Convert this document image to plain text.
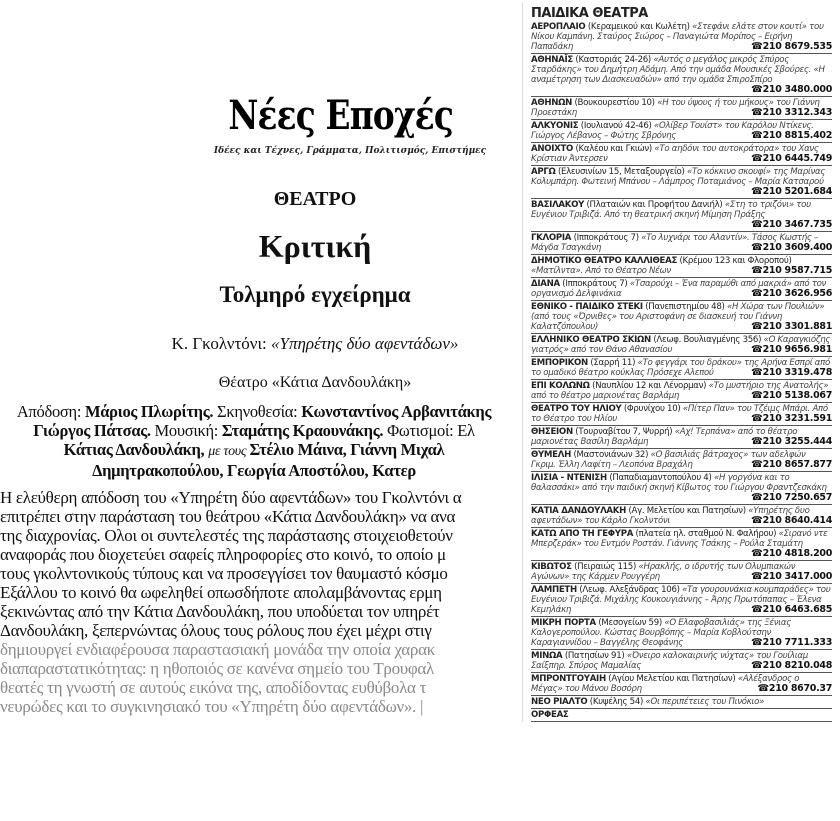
Νέες Εποχές
Ιδέες και Τέχνες, Γράμματα, Πολιτισμός, Επιστήμες
ΘΕΑΤΡΟ
Κριτική
Τολμηρό εγχείρημα
Κ. Γκολντόνι: «Υπηρέτης δύο αφεντάδων»
Θέατρο «Κάτια Δανδουλάκη»
Απόδοση: Μάριος Πλωρίτης. Σκηνοθεσία: Κωνσταντίνος Αρβανιτάκης
Γιώργος Πάτσας. Μουσική: Σταμάτης Κραουνάκης. Φωτισμοί: Ελ
Κάτιας Δανδουλάκη, με τους Στέλιο Μάινα, Γιάννη Μιχαλ
Δημητρακοπούλου, Γεωργία Αποστόλου, Κατερ
Η ελεύθερη απόδοση του «Υπηρέτη δύο αφεντάδων» του Γκολντόνι α
επιτρέπει στην παράσταση του θεάτρου «Κάτια Δανδουλάκη» να ανα
της διαχρονίας. Ολοι οι συντελεστές της παράστασης στοιχειοθετούν
αναφοράς που διοχετεύει σαφείς πληροφορίες στο κοινό, το οποίο μ
τους γκολντονικούς τύπους και να προσεγγίσει τον θαυμαστό κόσμο
Εξάλλου το κοινό θα ωφεληθεί οπωσδήποτε απολαμβάνοντας ερμη
ξεκινώντας από την Κάτια Δανδουλάκη, που υποδύεται τον υπηρέτ
Δανδουλάκη, ξεπερνώντας όλους τους ρόλους που έχει μέχρι στιγ
δημιουργεί ενδιαφέρουσα παραστασιακή μονάδα την οποία χαρακ
διαπαραστατικότητας: η ηθοποιός σε κανένα σημείο του Τρουφαλ
θεατές τη γνωστή σε αυτούς εικόνα της, αποδίδοντας ευθύβολα τ
νευρώδες και το συγκινησιακό του «Υπηρέτη δύο αφεντάδων». |
ΠΑΙΔΙΚΑ ΘΕΑΤΡΑ
ΑΕΡΟΠΛΑΙΟ (Κεραμεικού και Κωλέτη) «Στεφάνι ελάτε στον κουτί» του Νίκου Καμπάνη. Σταύρος Σιώρος – Παναγιώτα Μορίπος – Ειρήνη Παπαδάκη	☎210 8679.535
ΑΘΗΝΑΪΣ (Καστοριάς 24-26) «Αυτός ο μεγάλος μικρός Σπύρος Σταρδάκης» του Δημήτρη Αδάμη. Από την ομάδα Μουσικές Σβούρες. «Η αναμέτρηση των Διασκευαδών» από την ομάδα ΣπιροΣπίρο
☎210 3480.000
ΑΘΗΝΩΝ (Βουκουρεστίου 10) «Η του ύψους ή του μήκους» του Γιάννη Προεστάκη	☎210 3312.343
ΑΛΚΥΟΝΙΣ (Ιουλιανού 42-46) «Ολίβερ Τουίστ» του Καρόλου Ντίκενς. Γιώργος Λέβανος – Φώτης Σβρόνης	☎210 8815.402
ΑΝΟΙΧΤΟ (Καλέου και Γκιών) «Το αηδόνι του αυτοκράτορα» του Χανς Κρίστιαν Άντερσεν	☎210 6445.749
ΑΡΓΩ (Ελευσινίων 15, Μεταξουργείο) «Το κόκκινο σκουφί» της Μαρίνας Κολυμπάρη. Φωτεινή Μπάνου – Λάμπρος Ποταμιάνος – Μαρία Κατσαρού
☎210 5201.684
ΒΑΣΙΛΑΚΟΥ (Πλαταιών και Προφήτου Δανιήλ) «Στη το τριζόνι» του Ευγένιου Τριβιζά. Από τη θεατρική σκηνή Μίμηση Πράξης
☎210 3467.735
ΓΚΛΟΡΙΑ (Ιπποκράτους 7) «Το λυχνάρι του Αλαντίν». Τάσος Κωστής – Μάγδα Τσαγκάνη	☎210 3609.400
ΔΗΜΟΤΙΚΟ ΘΕΑΤΡΟ ΚΑΛΛΙΘΕΑΣ (Κρέμου 123 και Φλοροπού) «Ματίλντα». Από το Θέατρο Νέων	☎210 9587.715
ΔΙΑΝΑ (Ιπποκράτους 7) «Τσαρούχι – Ένα παραμύθι από μακριά» από τον οργανισμό Δελφινάκια	☎210 3626.956
ΕΘΝΙΚΟ - ΠΑΙΔΙΚΟ ΣΤΕΚΙ (Πανεπιστημίου 48) «Η Χώρα των Πουλιών» (από τους «Όρνιθες» του Αριστοφάνη σε διασκευή του Γιάννη Καλατζόπουλου)	☎210 3301.881
ΕΛΛΗΝΙΚΟ ΘΕΑΤΡΟ ΣΚΙΩΝ (Λεωφ. Βουλιαγμένης 356) «Ο Καραγκιόζης γιατρός» από τον Θάνο Αθανασίου	☎210 9656.981
ΕΜΠΟΡΙΚΟΝ (Σαρρή 11) «Το φεγγάρι του δράκου» της Αρήνα Εσπρί από το ομαδικό θέατρο κούκλας Πρόσεχε Αλεπού	☎210 3319.478
ΕΠΙ ΚΟΛΩΝΩ (Ναυπλίου 12 και Λένορμαν) «Το μυστήριο της Ανατολής» από το θέατρο μαριονέτας Βαρλάμη	☎210 5138.067
ΘΕΑΤΡΟ ΤΟΥ ΗΛΙΟΥ (Φρυνίχου 10) «Πίτερ Παν» του Τζέιμς Μπάρι. Από το Θέατρο του Ηλίου	☎210 3231.591
ΘΗΣΕΙΟΝ (Τουρναβίτου 7, Ψυρρή) «Αχ! Τερπάνα» από το θέατρο μαριονέτας Βασίλη Βαρλάμη	☎210 3255.444
ΘΥΜΕΛΗ (Μαστονιάνων 32) «Ο βασιλιάς βάτραχος» των αδελφών Γκριμ. Έλλη Λαφίτη – Λεοπόνα Βραχάλη	☎210 8657.877
ΙΛΙΣΙΑ - ΝΤΕΝΙΣΗ (Παπαδιαμαντοπούλου 4) «Η γοργόνα και το θαλασσάκι» από την παιδική σκηνή Κίβωτος του Γιώργου Φραντζεσκάκη
☎210 7250.657
ΚΑΤΙΑ ΔΑΝΔΟΥΛΑΚΗ (Αγ. Μελετίου και Πατησίων) «Υπηρέτης δυο αφεντάδων» του Κάρλο Γκολντόνι	☎210 8640.414
ΚΑΤΩ ΑΠΟ ΤΗ ΓΕΦΥΡΑ (πλατεία ηλ. σταθμού Ν. Φαλήρου) «Σιρανό ντε Μπερζεράκ» του Εντμόν Ροστάν. Γιάννης Τσάκης – Ρούλα Σταμάτη
☎210 4818.200
ΚΙΒΩΤΟΣ (Πειραιώς 115) «Ηρακλής, ο ιδρυτής των Ολυμπιακών Αγώνων» της Κάρμεν Ρουγγέρη	☎210 3417.000
ΛΑΜΠΕΤΗ (Λεωφ. Αλεξάνδρας 106) «Τα γουρουνάκια κουμπαράδες» του Ευγένιου Τριβιζά. Μιχάλης Κουκουγιάννης – Άρης Πρωτόπαπας – Έλενα Κεμηλάκη	☎210 6463.685
ΜΙΚΡΗ ΠΟΡΤΑ (Μεσογείων 59) «Ο Ελαφοβασιλιάς» της Ξένιας Καλογεροπούλου. Κώστας Βουρβόπης – Μαρία Κοβλούτσην Καραγιαννίδου – Βαγγέλης Θεοφάνης	☎210 7711.333
ΜΙΝΩΑ (Πατησίων 91) «Όνειρο καλοκαιρινής νύχτας» του Γουίλιαμ Σαίξπηρ. Σπύρος Μαμαλίας	☎210 8210.048
ΜΠΡΟΝΤΓΟΥΑΙΗ (Αγίου Μελετίου και Πατησίων) «Αλέξανδρος ο Μέγας» του Μάνου Βοσόρη	☎210 8670.37
ΝΕΟ ΡΙΑΛΤΟ (Κυψέλης 54) «Οι περιπέτειες του Πινόκιο»
ΟΡΦΕΑΣ
